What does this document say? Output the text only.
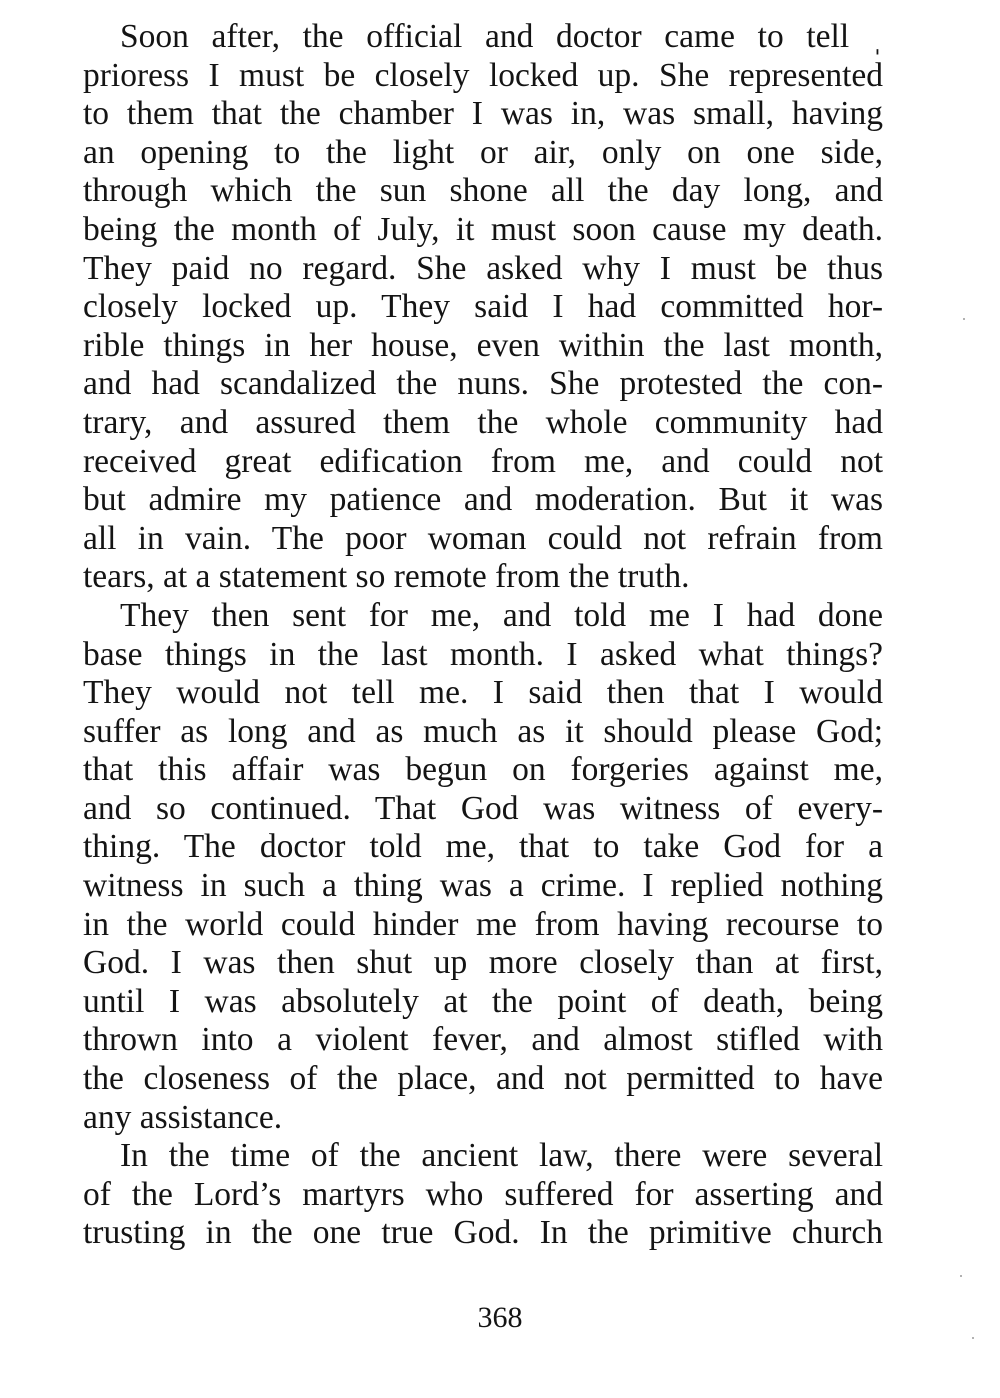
Soon after, the official and doctor came to tell ˌ
prioress I must be closely locked up. She represented
to them that the chamber I was in, was small, having
an opening to the light or air, only on one side,
through which the sun shone all the day long, and
being the month of July, it must soon cause my death.
They paid no regard. She asked why I must be thus
closely locked up. They said I had committed hor-
rible things in her house, even within the last month,
and had scandalized the nuns. She protested the con-
trary, and assured them the whole community had
received great edification from me, and could not
but admire my patience and moderation. But it was
all in vain. The poor woman could not refrain from
tears, at a statement so remote from the truth.
They then sent for me, and told me I had done
base things in the last month. I asked what things?
They would not tell me. I said then that I would
suffer as long and as much as it should please God;
that this affair was begun on forgeries against me,
and so continued. That God was witness of every-
thing. The doctor told me, that to take God for a
witness in such a thing was a crime. I replied nothing
in the world could hinder me from having recourse to
God. I was then shut up more closely than at first,
until I was absolutely at the point of death, being
thrown into a violent fever, and almost stifled with
the closeness of the place, and not permitted to have
any assistance.
In the time of the ancient law, there were several
of the Lord’s martyrs who suffered for asserting and
trusting in the one true God. In the primitive church
368
